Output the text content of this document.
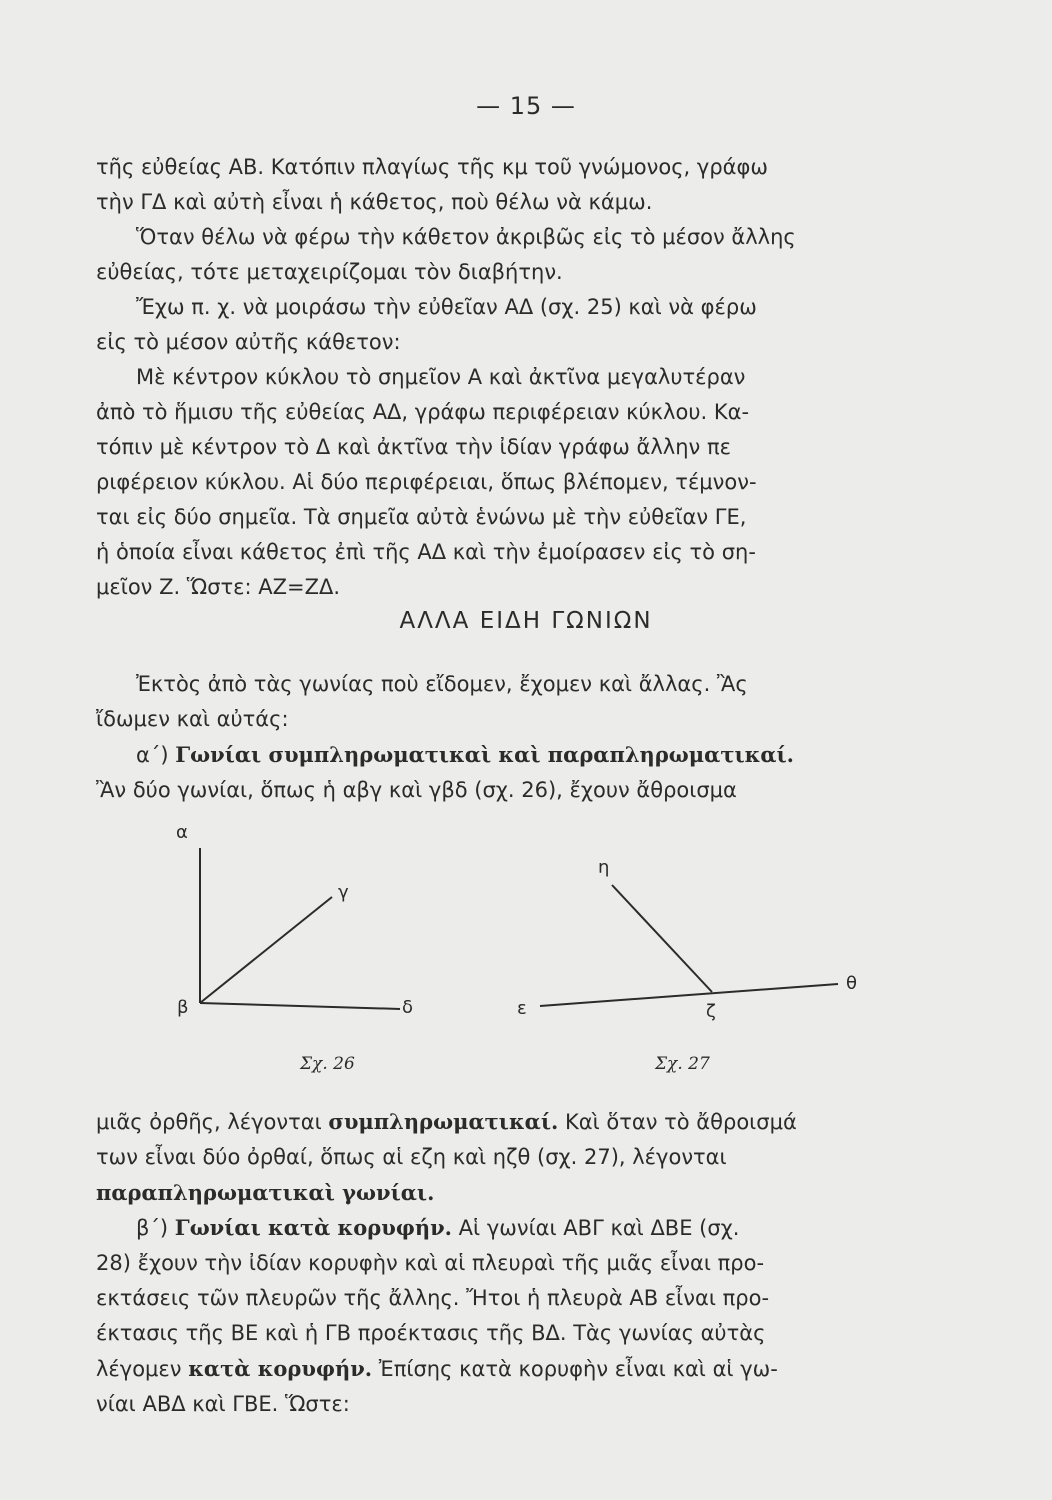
— 15 —

τῆς εὐθείας ΑΒ. Κατόπιν πλαγίως τῆς κμ τοῦ γνώμονος, γράφω

τὴν ΓΔ καὶ αὐτὴ εἶναι ἡ κάθετος, ποὺ θέλω νὰ κάμω.

Ὅταν θέλω νὰ φέρω τὴν κάθετον ἀκριβῶς εἰς τὸ μέσον ἄλλης

εὐθείας, τότε μεταχειρίζομαι τὸν διαβήτην.

Ἔχω π. χ. νὰ μοιράσω τὴν εὐθεῖαν ΑΔ (σχ. 25) καὶ νὰ φέρω

εἰς τὸ μέσον αὐτῆς κάθετον:

Μὲ κέντρον κύκλου τὸ σημεῖον Α καὶ ἀκτῖνα μεγαλυτέραν

ἀπὸ τὸ ἥμισυ τῆς εὐθείας ΑΔ, γράφω περιφέρειαν κύκλου. Κα-

τόπιν μὲ κέντρον τὸ Δ καὶ ἀκτῖνα τὴν ἰδίαν γράφω ἄλλην πε

ριφέρειον κύκλου. Αἱ δύο περιφέρειαι, ὅπως βλέπομεν, τέμνον-

ται εἰς δύο σημεῖα. Τὰ σημεῖα αὐτὰ ἑνώνω μὲ τὴν εὐθεῖαν ΓΕ,

ἡ ὁποία εἶναι κάθετος ἐπὶ τῆς ΑΔ καὶ τὴν ἐμοίρασεν εἰς τὸ ση-

μεῖον Ζ. Ὥστε: ΑΖ=ΖΔ.

ΑΛΛΑ ΕΙΔΗ ΓΩΝΙΩΝ

Ἐκτὸς ἀπὸ τὰς γωνίας ποὺ εἴδομεν, ἔχομεν καὶ ἄλλας. Ἂς

ἴδωμεν καὶ αὐτάς:

α´) Γωνίαι συμπληρωματικαὶ καὶ παραπληρωματικαί.

Ἂν δύο γωνίαι, ὅπως ἡ αβγ καὶ γβδ (σχ. 26), ἔχουν ἄθροισμα

α
β
γ
δ
Σχ. 26
ε	ζ
η
θ
Σχ. 27

μιᾶς ὀρθῆς, λέγονται συμπληρωματικαί. Καὶ ὅταν τὸ ἄθροισμά

των εἶναι δύο ὀρθαί, ὅπως αἱ εζη καὶ ηζθ (σχ. 27), λέγονται

παραπληρωματικαὶ γωνίαι.

β´) Γωνίαι κατὰ κορυφήν. Αἱ γωνίαι ΑΒΓ καὶ ΔΒΕ (σχ.

28) ἔχουν τὴν ἰδίαν κορυφὴν καὶ αἱ πλευραὶ τῆς μιᾶς εἶναι προ-

εκτάσεις τῶν πλευρῶν τῆς ἄλλης. Ἤτοι ἡ πλευρὰ ΑΒ εἶναι προ-

έκτασις τῆς ΒΕ καὶ ἡ ΓΒ προέκτασις τῆς ΒΔ. Τὰς γωνίας αὐτὰς

λέγομεν κατὰ κορυφήν. Ἐπίσης κατὰ κορυφὴν εἶναι καὶ αἱ γω-

νίαι ΑΒΔ καὶ ΓΒΕ. Ὥστε:
